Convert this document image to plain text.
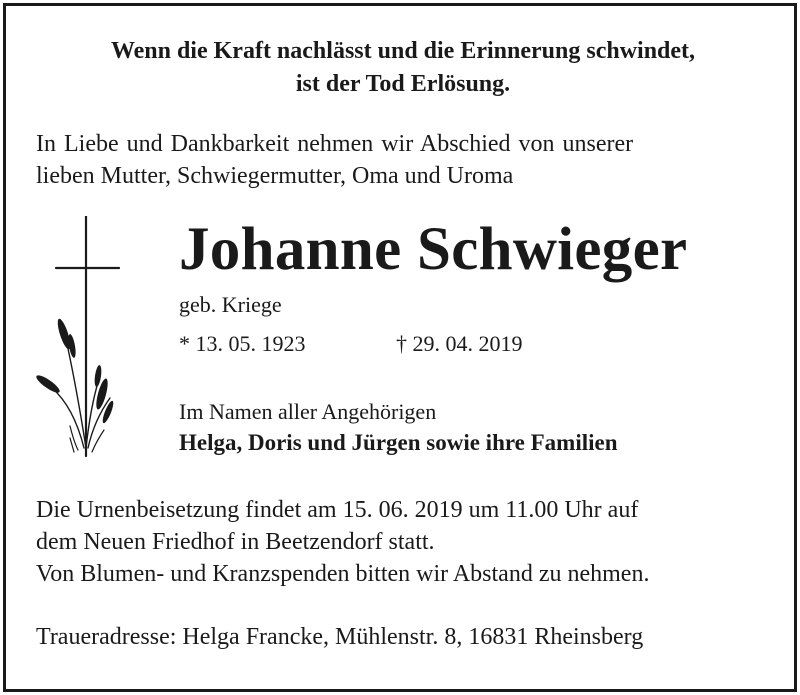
Wenn die Kraft nachlässt und die Erinnerung schwindet,
ist der Tod Erlösung.
In Liebe und Dankbarkeit nehmen wir Abschied von unserer
lieben Mutter, Schwiegermutter, Oma und Uroma
Johanne Schwieger
geb. Kriege
* 13. 05. 1923	† 29. 04. 2019
Im Namen aller Angehörigen
Helga, Doris und Jürgen sowie ihre Familien
Die Urnenbeisetzung findet am 15. 06. 2019 um 11.00 Uhr auf
dem Neuen Friedhof in Beetzendorf statt.
Von Blumen- und Kranzspenden bitten wir Abstand zu nehmen.
Traueradresse: Helga Francke, Mühlenstr. 8, 16831 Rheinsberg
